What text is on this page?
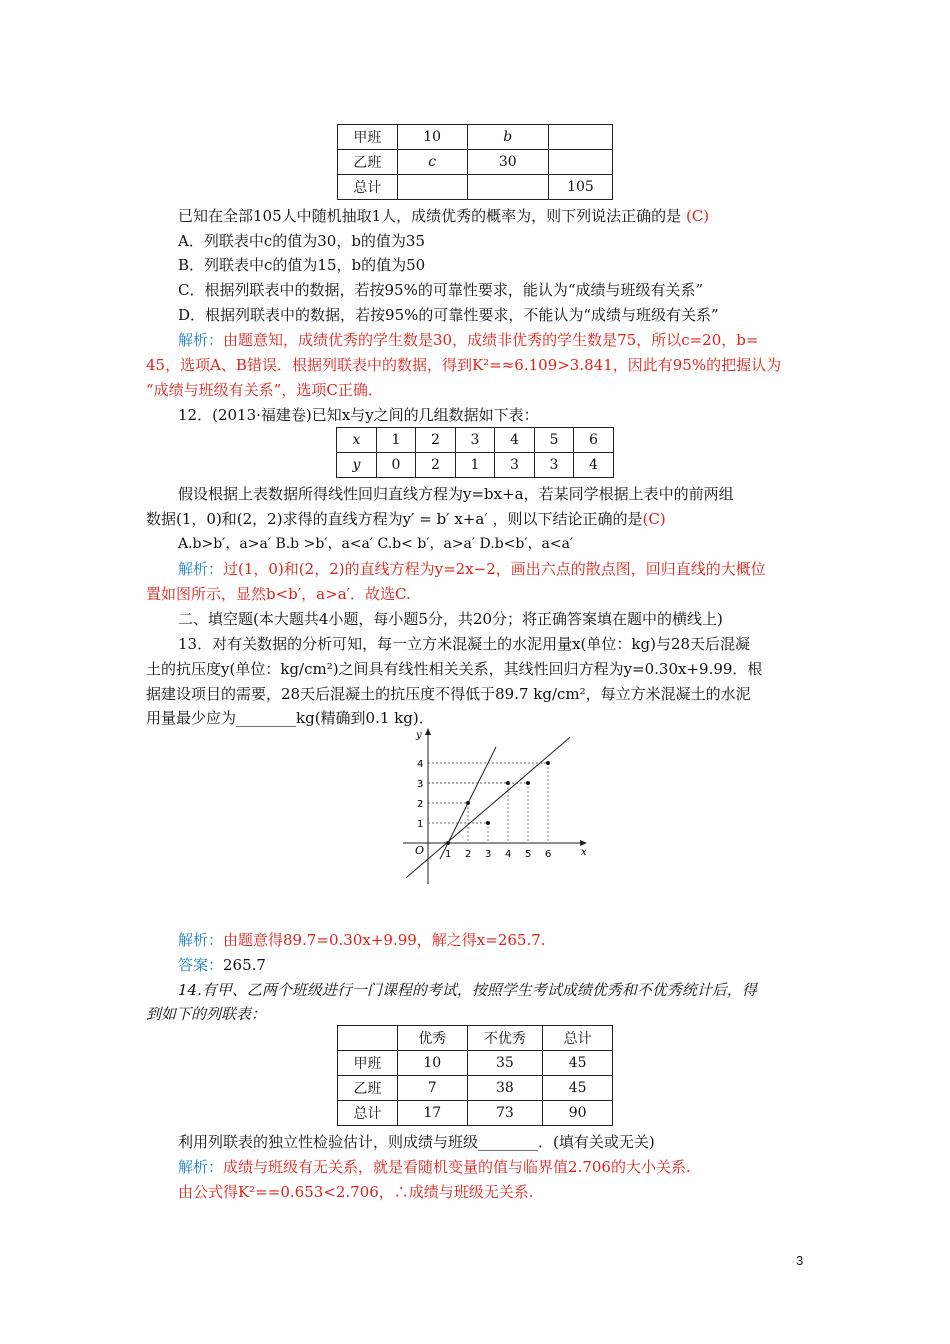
甲班	10	b	
乙班	c	30	
总计			105
已知在全部105人中随机抽取1人，成绩优秀的概率为，则下列说法正确的是 (C)
A．列联表中c的值为30，b的值为35
B．列联表中c的值为15，b的值为50
C．根据列联表中的数据，若按95%的可靠性要求，能认为“成绩与班级有关系”
D．根据列联表中的数据，若按95%的可靠性要求，不能认为“成绩与班级有关系”
解析：由题意知，成绩优秀的学生数是30，成绩非优秀的学生数是75，所以c=20，b=
45，选项A、B错误．根据列联表中的数据，得到K²=≈6.109>3.841，因此有95%的把握认为
“成绩与班级有关系”，选项C正确．
12．(2013·福建卷)已知x与y之间的几组数据如下表：
x	1	2	3	4	5	6
y	0	2	1	3	3	4
假设根据上表数据所得线性回归直线方程为y=bx+a，若某同学根据上表中的前两组
数据(1，0)和(2，2)求得的直线方程为y′ = b′ x+a′ ，则以下结论正确的是(C)
A.b>b′，a>a′ B.b >b′，a<a′ C.b< b′，a>a′ D.b<b′，a<a′
解析：过(1，0)和(2，2)的直线方程为y=2x−2，画出六点的散点图，回归直线的大概位
置如图所示，显然b<b′，a>a′．故选C.
二、填空题(本大题共4小题，每小题5分，共20分；将正确答案填在题中的横线上)
13．对有关数据的分析可知，每一立方米混凝土的水泥用量x(单位：kg)与28天后混凝
土的抗压度y(单位：kg/cm²)之间具有线性相关关系，其线性回归方程为y=0.30x+9.99．根
据建设项目的需要，28天后混凝土的抗压度不得低于89.7 kg/cm²，每立方米混凝土的水泥
用量最少应为________kg(精确到0.1 kg)．
x
y
O 1 2 3 4 5 6
1
2
3
4
解析：由题意得89.7=0.30x+9.99，解之得x=265.7.
答案：265.7
14.有甲、乙两个班级进行一门课程的考试，按照学生考试成绩优秀和不优秀统计后，得
到如下的列联表：
	优秀	不优秀	总计
甲班	10	35	45
乙班	7	38	45
总计	17	73	90
利用列联表的独立性检验估计，则成绩与班级________．(填有关或无关)
解析：成绩与班级有无关系，就是看随机变量的值与临界值2.706的大小关系.
由公式得K²==0.653<2.706，∴成绩与班级无关系.
3
